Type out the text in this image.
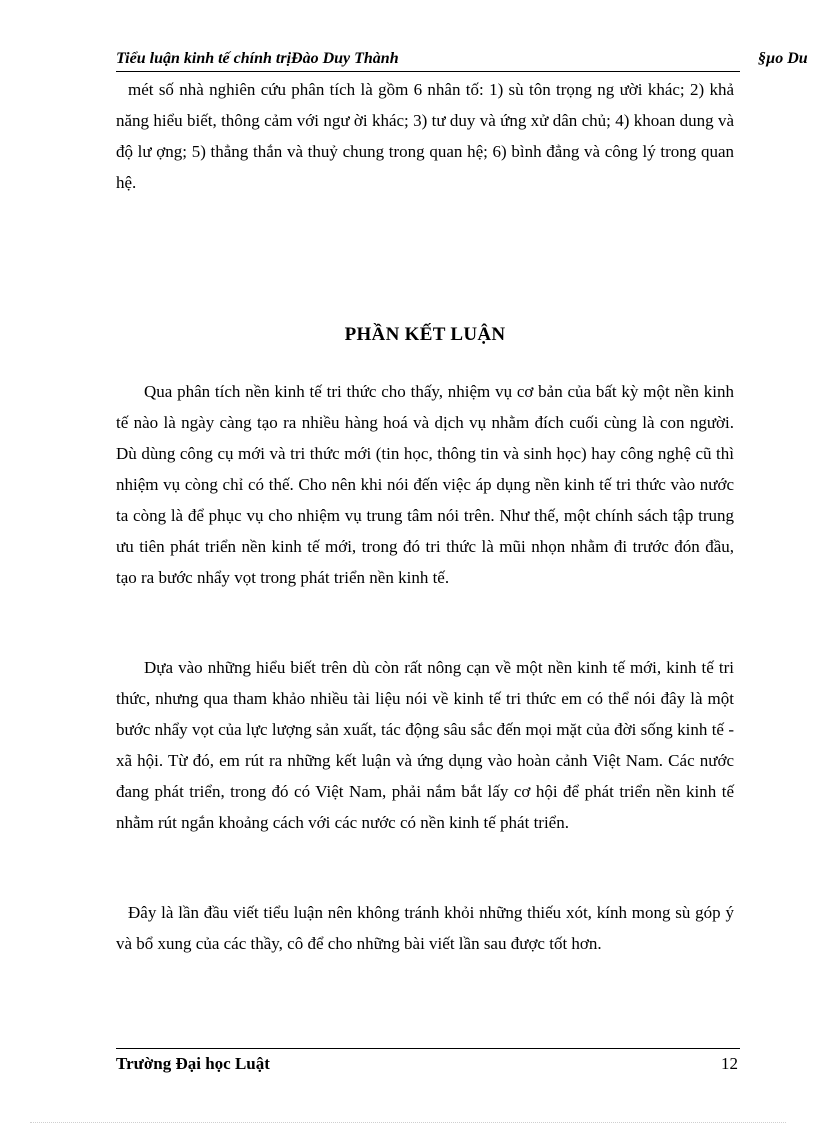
Tiểu luận kinh tế chính trịĐào Duy Thành	§µo Du
mét số nhà nghiên cứu phân tích là gồm 6 nhân tố: 1) sù tôn trọng ng ười khác; 2) khả năng hiểu biết, thông cảm với ngư ời khác; 3) tư duy và ứng xử dân chủ; 4) khoan dung và độ lư ợng; 5) thẳng thắn và thuỷ chung trong quan hệ; 6) bình đẳng và công lý trong quan hệ.
PHẦN KẾT LUẬN
Qua phân tích nền kinh tế tri thức cho thấy, nhiệm vụ cơ bản của bất kỳ một nền kinh tế nào là ngày càng tạo ra nhiều hàng hoá và dịch vụ nhằm đích cuối cùng là con người. Dù dùng công cụ mới và tri thức mới (tin học, thông tin và sinh học) hay công nghệ cũ thì nhiệm vụ còng chỉ có thế. Cho nên khi nói đến việc áp dụng nền kinh tế tri thức vào nước ta còng là để phục vụ cho nhiệm vụ trung tâm nói trên. Như thế, một chính sách tập trung ưu tiên phát triển nền kinh tế mới, trong đó tri thức là mũi nhọn nhằm đi trước đón đầu, tạo ra bước nhẩy vọt trong phát triển nền kinh tế.
Dựa vào những hiểu biết trên dù còn rất nông cạn về một nền kinh tế mới, kinh tế tri thức, nhưng qua tham khảo nhiều tài liệu nói về kinh tế tri thức em có thể nói đây là một bước nhẩy vọt của lực lượng sản xuất, tác động sâu sắc đến mọi mặt của đời sống kinh tế - xã hội. Từ đó, em rút ra những kết luận và ứng dụng vào hoàn cảnh Việt Nam. Các nước đang phát triển, trong đó có Việt Nam, phải nắm bắt lấy cơ hội để phát triển nền kinh tế nhằm rút ngắn khoảng cách với các nước có nền kinh tế phát triển.
Đây là lần đầu viết tiểu luận nên không tránh khỏi những thiếu xót, kính mong sù góp ý và bổ xung của các thầy, cô để cho những bài viết lần sau được tốt hơn.
Trường Đại học Luật	12
